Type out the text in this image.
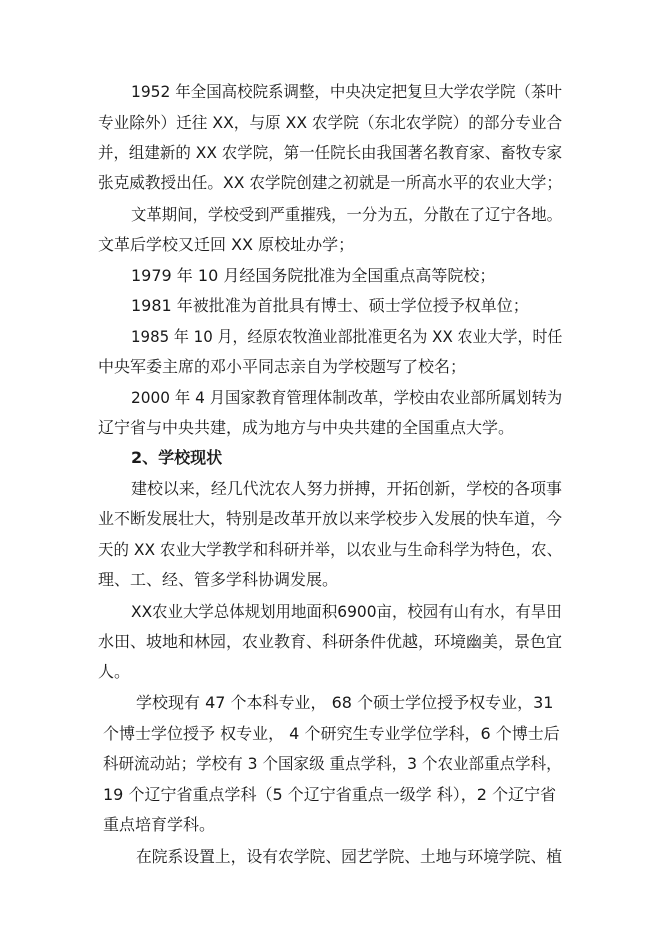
1952 年全国高校院系调整，中央决定把复旦大学农学院（茶叶
专业除外）迁往 XX，与原 XX 农学院（东北农学院）的部分专业合
并，组建新的 XX 农学院，第一任院长由我国著名教育家、畜牧专家
张克威教授出任。XX 农学院创建之初就是一所高水平的农业大学；
文革期间，学校受到严重摧残，一分为五，分散在了辽宁各地。
文革后学校又迁回 XX 原校址办学；
1979 年 10 月经国务院批准为全国重点高等院校；
1981 年被批准为首批具有博士、硕士学位授予权单位；
1985 年 10 月，经原农牧渔业部批准更名为 XX 农业大学，时任
中央军委主席的邓小平同志亲自为学校题写了校名；
2000 年 4 月国家教育管理体制改革，学校由农业部所属划转为
辽宁省与中央共建，成为地方与中央共建的全国重点大学。
2、学校现状
建校以来，经几代沈农人努力拼搏，开拓创新，学校的各项事
业不断发展壮大，特别是改革开放以来学校步入发展的快车道，今
天的 XX 农业大学教学和科研并举，以农业与生命科学为特色，农、
理、工、经、管多学科协调发展。
XX农业大学总体规划用地面积6900亩，校园有山有水，有旱田
水田、坡地和林园，农业教育、科研条件优越，环境幽美，景色宜
人。
学校现有 47 个本科专业， 68 个硕士学位授予权专业，31
个博士学位授予 权专业， 4 个研究生专业学位学科，6 个博士后
科研流动站；学校有 3 个国家级 重点学科，3 个农业部重点学科，
19 个辽宁省重点学科（5 个辽宁省重点一级学 科），2 个辽宁省
重点培育学科。
在院系设置上，设有农学院、园艺学院、土地与环境学院、植
